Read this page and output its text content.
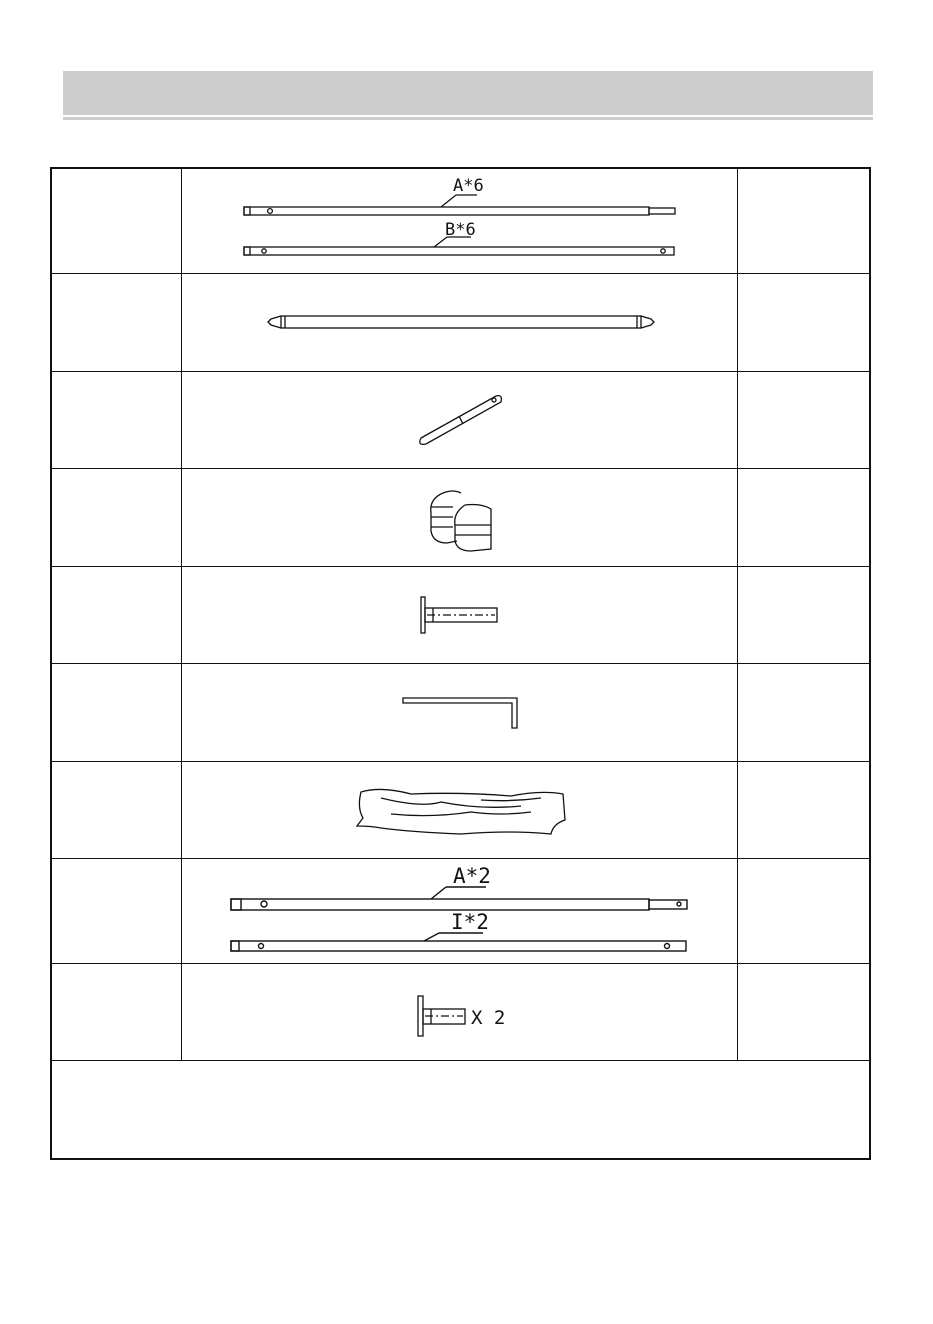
A*6
B*6
A*2
I*2
X 2
